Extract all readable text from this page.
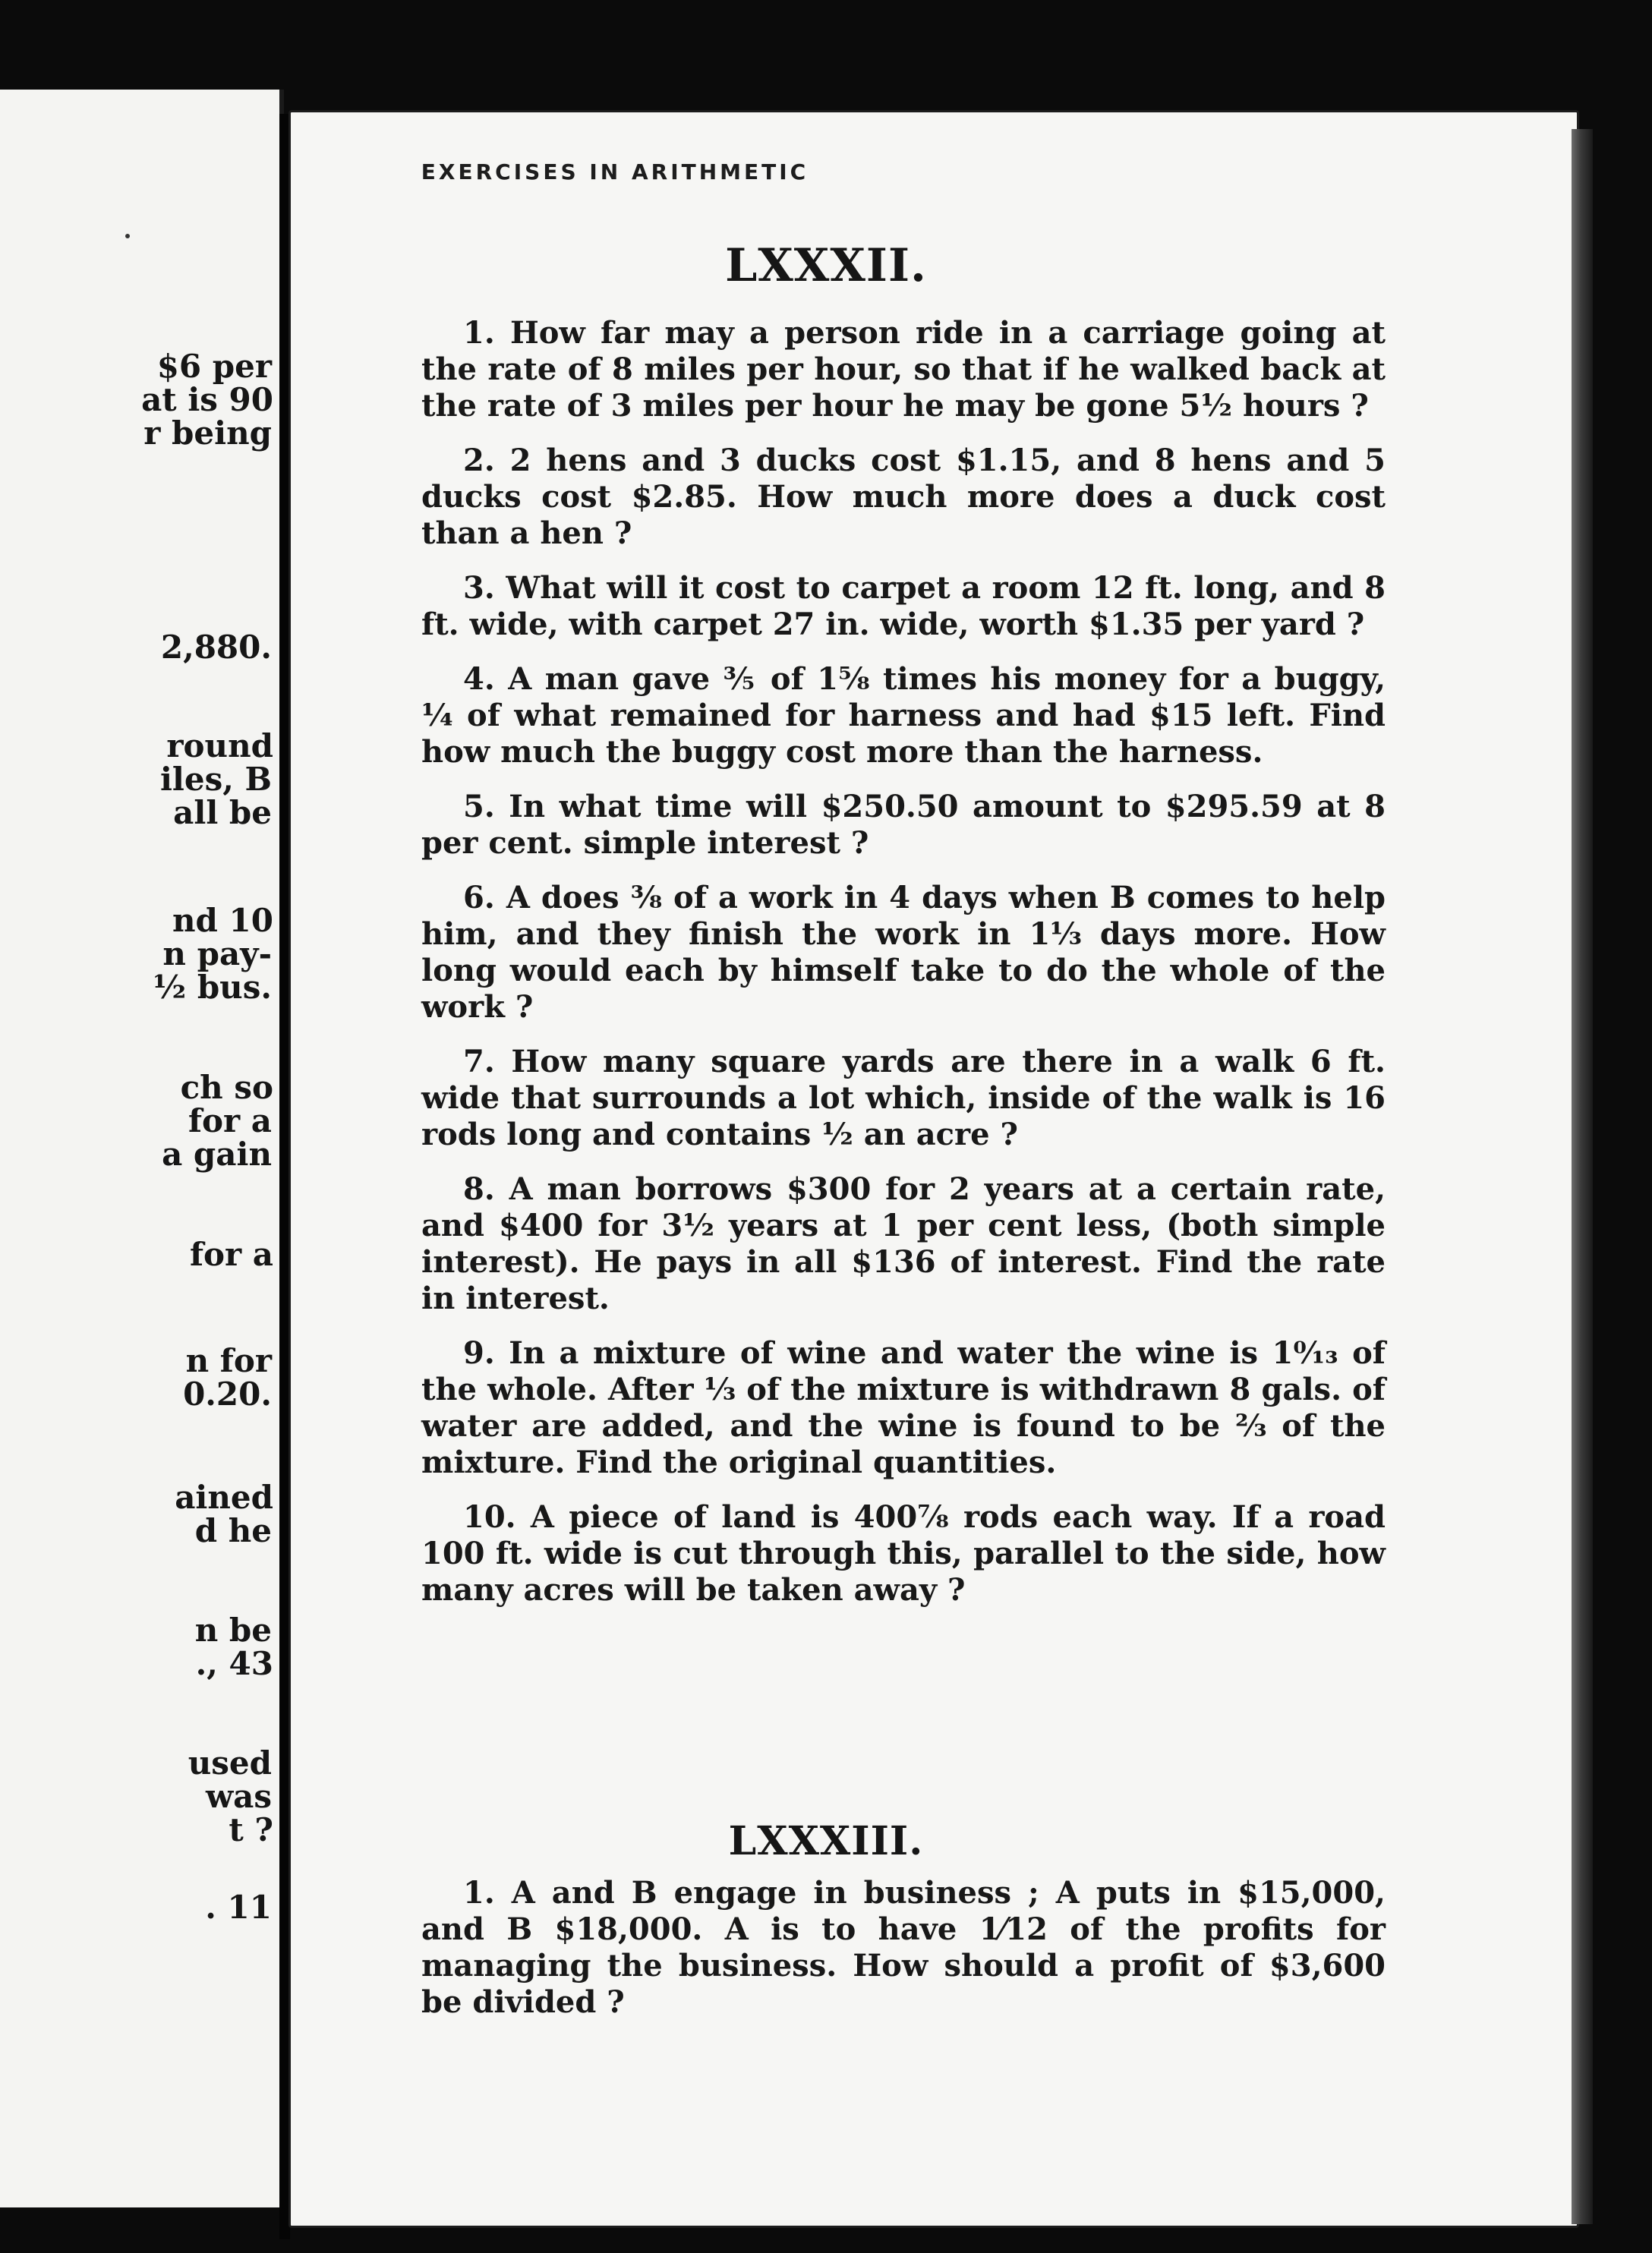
$6 per
at is 90
r being
2,880.
round
iles, B
all be
nd 10
n pay-
½ bus.
ch so
for a
a gain
for a
n for
0.20.
ained
d he
n be
., 43
used
was
t ?
. 11

EXERCISES IN ARITHMETIC

LXXXII.
1. How far may a person ride in a carriage going at the rate of 8 miles per hour, so that if he walked back at the rate of 3 miles per hour he may be gone 5½ hours ?
2. 2 hens and 3 ducks cost $1.15, and 8 hens and 5 ducks cost $2.85. How much more does a duck cost than a hen ?
3. What will it cost to carpet a room 12 ft. long, and 8 ft. wide, with carpet 27 in. wide, worth $1.35 per yard ?
4. A man gave ⅗ of 1⅝ times his money for a buggy, ¼ of what remained for harness and had $15 left. Find how much the buggy cost more than the harness.
5. In what time will $250.50 amount to $295.59 at 8 per cent. simple interest ?
6. A does ⅜ of a work in 4 days when B comes to help him, and they finish the work in 1⅓ days more. How long would each by himself take to do the whole of the work ?
7. How many square yards are there in a walk 6 ft. wide that surrounds a lot which, inside of the walk is 16 rods long and contains ½ an acre ?
8. A man borrows $300 for 2 years at a certain rate, and $400 for 3½ years at 1 per cent less, (both simple interest). He pays in all $136 of interest. Find the rate in interest.
9. In a mixture of wine and water the wine is 1⁰⁄₁₃ of the whole. After ⅓ of the mixture is withdrawn 8 gals. of water are added, and the wine is found to be ⅔ of the mixture. Find the original quantities.
10. A piece of land is 400⅞ rods each way. If a road 100 ft. wide is cut through this, parallel to the side, how many acres will be taken away ?
LXXXIII.
1. A and B engage in business ; A puts in $15,000, and B $18,000. A is to have 1⁄12 of the profits for managing the business. How should a profit of $3,600 be divided ?
